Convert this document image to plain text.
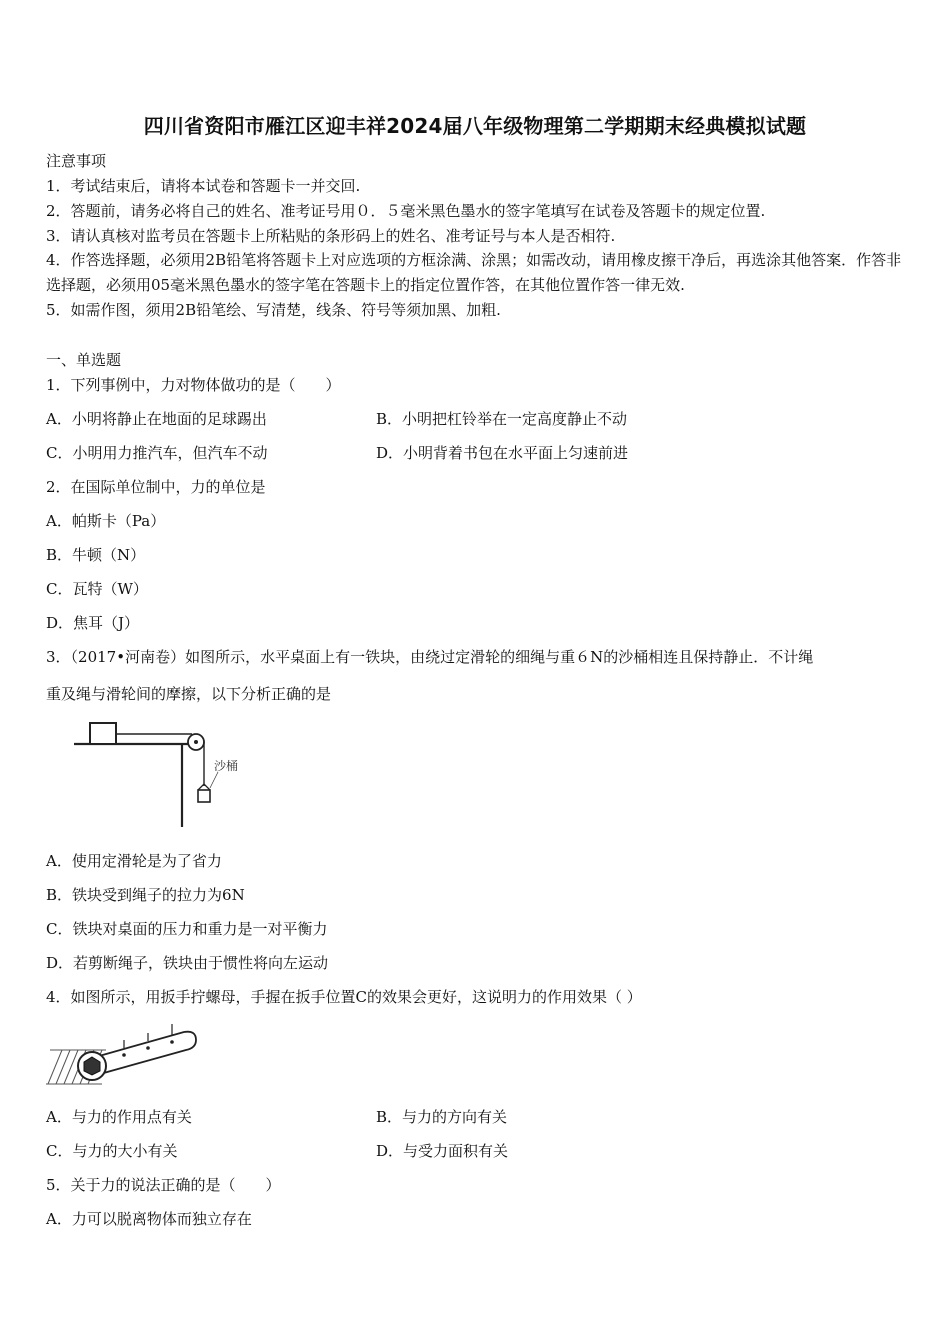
四川省资阳市雁江区迎丰祥2024届八年级物理第二学期期末经典模拟试题
注意事项
1．考试结束后，请将本试卷和答题卡一并交回.
2．答题前，请务必将自己的姓名、准考证号用０．５毫米黑色墨水的签字笔填写在试卷及答题卡的规定位置.
3．请认真核对监考员在答题卡上所粘贴的条形码上的姓名、准考证号与本人是否相符.
4．作答选择题，必须用2B铅笔将答题卡上对应选项的方框涂满、涂黑；如需改动，请用橡皮擦干净后，再选涂其他答案．作答非选择题，必须用05毫米黑色墨水的签字笔在答题卡上的指定位置作答，在其他位置作答一律无效.
5．如需作图，须用2B铅笔绘、写清楚，线条、符号等须加黑、加粗.
一、单选题
1．下列事例中，力对物体做功的是（　　）
A．小明将静止在地面的足球踢出	B．小明把杠铃举在一定高度静止不动
C．小明用力推汽车，但汽车不动	D．小明背着书包在水平面上匀速前进
2．在国际单位制中，力的单位是
A．帕斯卡（Pa）
B．牛顿（N）
C．瓦特（W）
D．焦耳（J）
3．（2017•河南卷）如图所示，水平桌面上有一铁块，由绕过定滑轮的细绳与重６N的沙桶相连且保持静止．不计绳
重及绳与滑轮间的摩擦，以下分析正确的是
沙桶
A．使用定滑轮是为了省力
B．铁块受到绳子的拉力为6N
C．铁块对桌面的压力和重力是一对平衡力
D．若剪断绳子，铁块由于惯性将向左运动
4．如图所示，用扳手拧螺母，手握在扳手位置C的效果会更好，这说明力的作用效果（ ）
A．与力的作用点有关	B．与力的方向有关
C．与力的大小有关	D．与受力面积有关
5．关于力的说法正确的是（　　）
A．力可以脱离物体而独立存在
